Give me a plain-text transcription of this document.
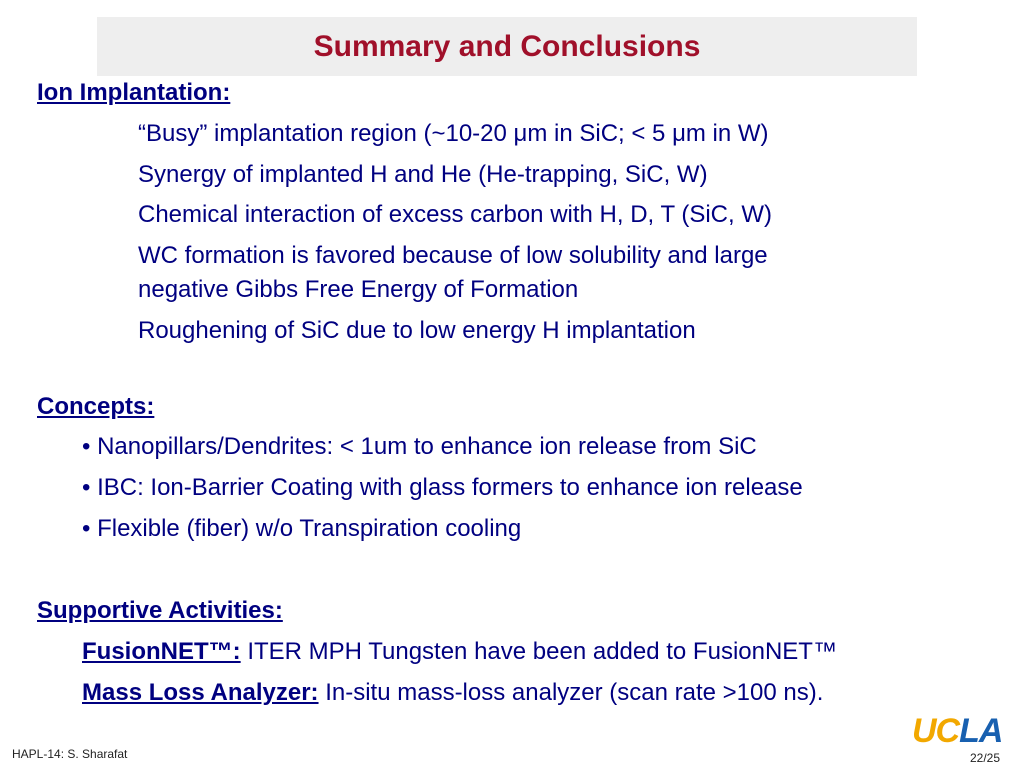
Summary and Conclusions
Ion Implantation:
“Busy” implantation region (~10-20 μm in SiC; < 5 μm in W)
Synergy of implanted H and He (He-trapping, SiC, W)
Chemical interaction of excess carbon with H, D, T (SiC, W)
WC formation is favored because of low solubility and large
negative Gibbs Free Energy of Formation
Roughening of SiC due to low energy H implantation
Concepts:
• Nanopillars/Dendrites: < 1um to enhance ion release from SiC
• IBC: Ion-Barrier Coating with glass formers to enhance ion release
• Flexible (fiber) w/o Transpiration cooling
Supportive Activities:
FusionNET™: ITER MPH Tungsten have been added to FusionNET™
Mass Loss Analyzer: In-situ mass-loss analyzer (scan rate >100 ns).
UCLA
HAPL-14: S. Sharafat	22/25
